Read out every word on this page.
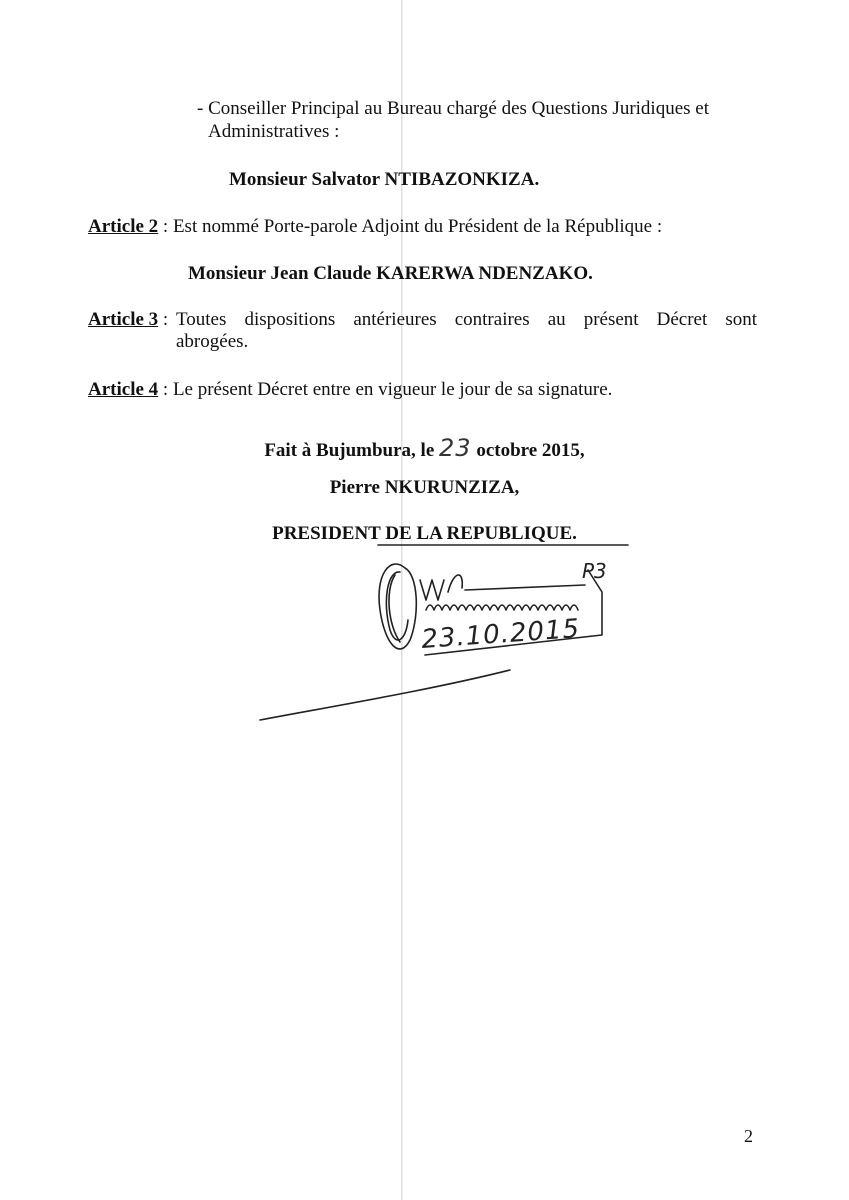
- Conseiller Principal au Bureau chargé des Questions Juridiques et
Administratives :
Monsieur Salvator NTIBAZONKIZA.
Article 2 : Est nommé Porte-parole Adjoint du Président de la République :
Monsieur Jean Claude KARERWA NDENZAKO.
Article 3 : Toutes dispositions antérieures contraires au présent Décret sont
abrogées.
Article 4 : Le présent Décret entre en vigueur le jour de sa signature.
Fait à Bujumbura, le 23 octobre 2015,
Pierre NKURUNZIZA,
PRESIDENT DE LA REPUBLIQUE.
P3
23.10.2015
2
